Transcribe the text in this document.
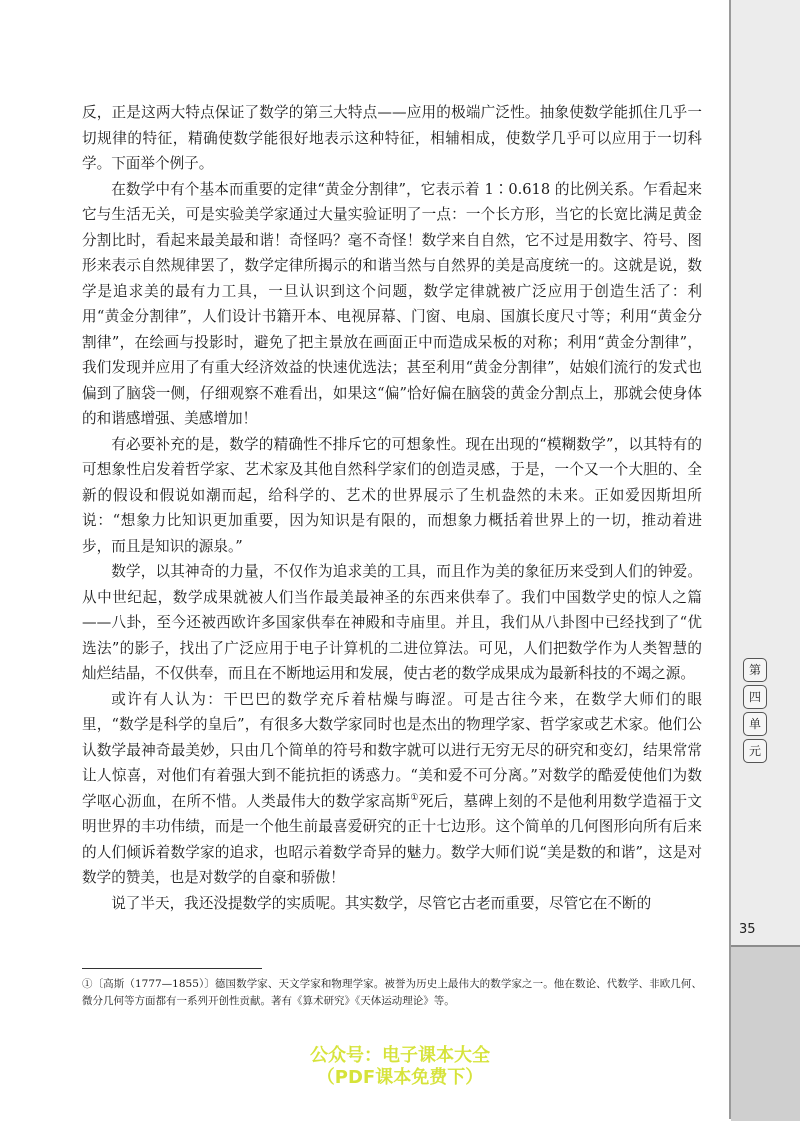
第
四
单
元
35

反，正是这两大特点保证了数学的第三大特点——应用的极端广泛性。抽象使数学能抓住几乎一切规律的特征，精确使数学能很好地表示这种特征，相辅相成，使数学几乎可以应用于一切科学。下面举个例子。

在数学中有个基本而重要的定律“黄金分割律”，它表示着 1∶0.618 的比例关系。乍看起来它与生活无关，可是实验美学家通过大量实验证明了一点：一个长方形，当它的长宽比满足黄金分割比时，看起来最美最和谐！奇怪吗？毫不奇怪！数学来自自然，它不过是用数字、符号、图形来表示自然规律罢了，数学定律所揭示的和谐当然与自然界的美是高度统一的。这就是说，数学是追求美的最有力工具，一旦认识到这个问题，数学定律就被广泛应用于创造生活了：利用“黄金分割律”，人们设计书籍开本、电视屏幕、门窗、电扇、国旗长度尺寸等；利用“黄金分割律”，在绘画与投影时，避免了把主景放在画面正中而造成呆板的对称；利用“黄金分割律”，我们发现并应用了有重大经济效益的快速优选法；甚至利用“黄金分割律”，姑娘们流行的发式也偏到了脑袋一侧，仔细观察不难看出，如果这“偏”恰好偏在脑袋的黄金分割点上，那就会使身体的和谐感增强、美感增加！

有必要补充的是，数学的精确性不排斥它的可想象性。现在出现的“模糊数学”，以其特有的可想象性启发着哲学家、艺术家及其他自然科学家们的创造灵感，于是，一个又一个大胆的、全新的假设和假说如潮而起，给科学的、艺术的世界展示了生机盎然的未来。正如爱因斯坦所说：“想象力比知识更加重要，因为知识是有限的，而想象力概括着世界上的一切，推动着进步，而且是知识的源泉。”

数学，以其神奇的力量，不仅作为追求美的工具，而且作为美的象征历来受到人们的钟爱。从中世纪起，数学成果就被人们当作最美最神圣的东西来供奉了。我们中国数学史的惊人之篇——八卦，至今还被西欧许多国家供奉在神殿和寺庙里。并且，我们从八卦图中已经找到了“优选法”的影子，找出了广泛应用于电子计算机的二进位算法。可见，人们把数学作为人类智慧的灿烂结晶，不仅供奉，而且在不断地运用和发展，使古老的数学成果成为最新科技的不竭之源。

或许有人认为：干巴巴的数学充斥着枯燥与晦涩。可是古往今来，在数学大师们的眼里，“数学是科学的皇后”，有很多大数学家同时也是杰出的物理学家、哲学家或艺术家。他们公认数学最神奇最美妙，只由几个简单的符号和数字就可以进行无穷无尽的研究和变幻，结果常常让人惊喜，对他们有着强大到不能抗拒的诱惑力。“美和爱不可分离。”对数学的酷爱使他们为数学呕心沥血，在所不惜。人类最伟大的数学家高斯①死后，墓碑上刻的不是他利用数学造福于文明世界的丰功伟绩，而是一个他生前最喜爱研究的正十七边形。这个简单的几何图形向所有后来的人们倾诉着数学家的追求，也昭示着数学奇异的魅力。数学大师们说“美是数的和谐”，这是对数学的赞美，也是对数学的自豪和骄傲！

说了半天，我还没提数学的实质呢。其实数学，尽管它古老而重要，尽管它在不断的

①〔高斯（1777—1855）〕德国数学家、天文学家和物理学家。被誉为历史上最伟大的数学家之一。他在数论、代数学、非欧几何、微分几何等方面都有一系列开创性贡献。著有《算术研究》《天体运动理论》等。

公众号：电子课本大全
（PDF课本免费下）
